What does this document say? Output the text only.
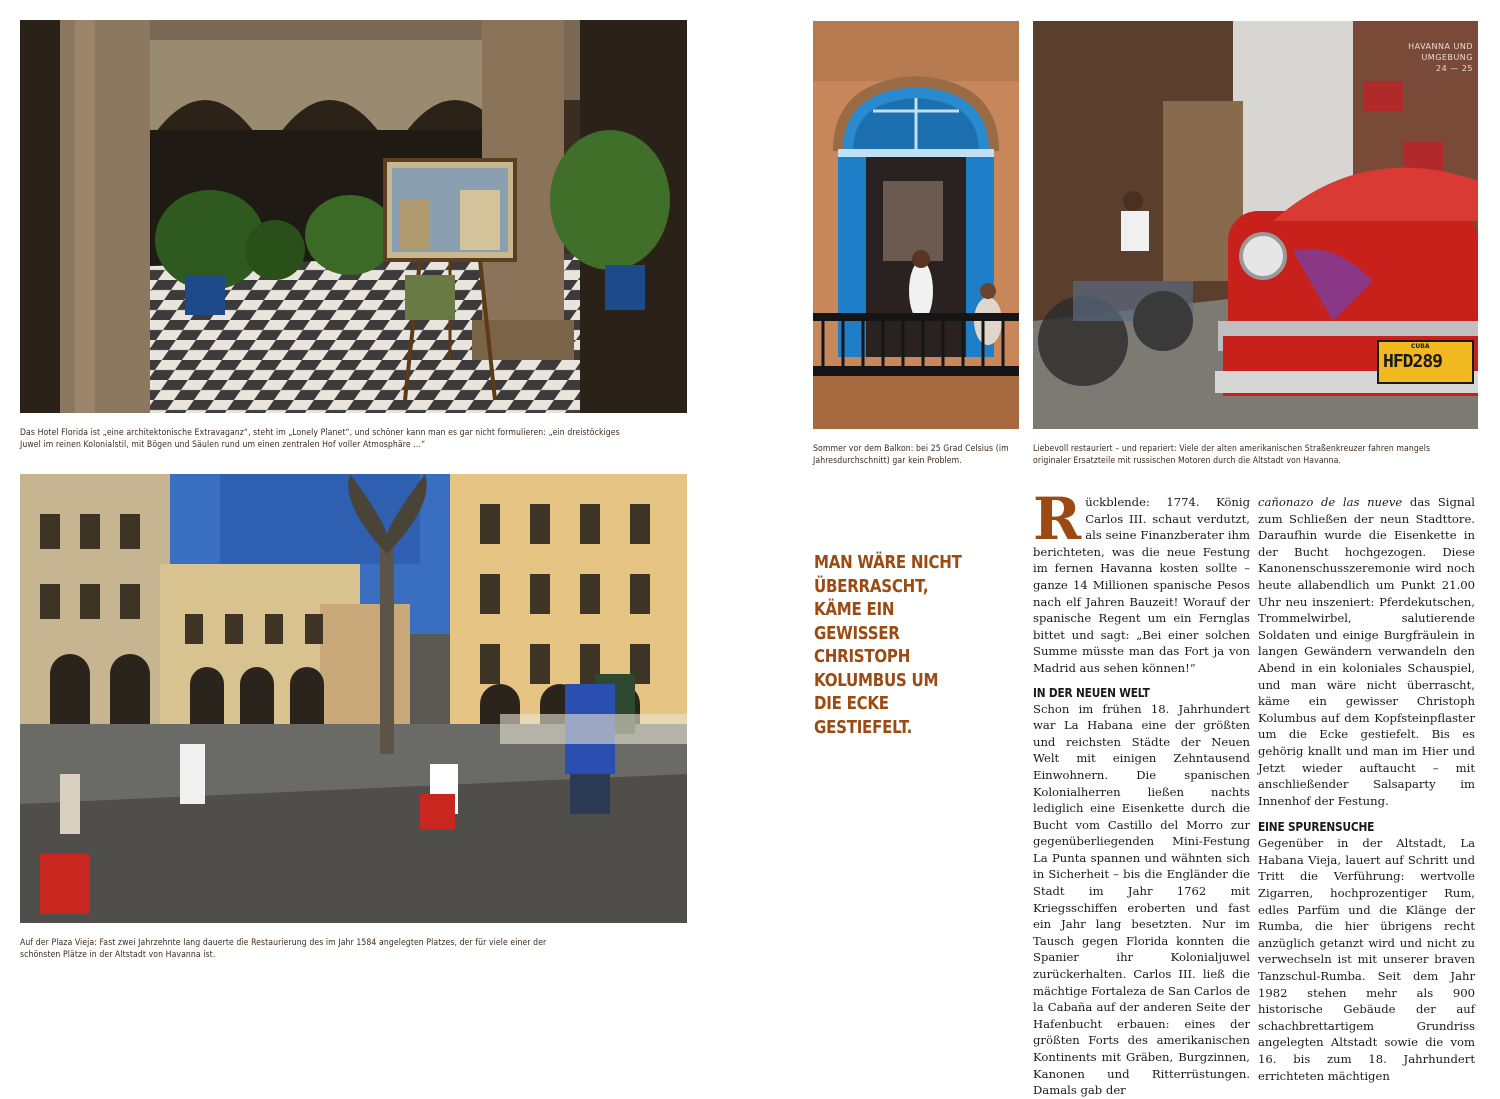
Das Hotel Florida ist „eine architektonische Extravaganz“, steht im „Lonely Planet“, und schöner kann man es gar nicht formulieren: „ein dreistöckiges Juwel im reinen Kolonialstil, mit Bögen und Säulen rund um einen zentralen Hof voller Atmosphäre …“
Auf der Plaza Vieja: Fast zwei Jahrzehnte lang dauerte die Restaurierung des im Jahr 1584 angelegten Platzes, der für viele einer der schönsten Plätze in der Altstadt von Havanna ist.
Sommer vor dem Balkon: bei 25 Grad Celsius (im Jahresdurchschnitt) gar kein Problem.
CUBA
HFD289
HAVANNA UND UMGEBUNG
24 — 25
Liebevoll restauriert – und repariert: Viele der alten amerikanischen Straßenkreuzer fahren mangels originaler Ersatzteile mit russischen Motoren durch die Altstadt von Havanna.
MAN WÄRE NICHT ÜBERRASCHT, KÄME EIN GEWISSER CHRISTOPH KOLUMBUS UM DIE ECKE GESTIEFELT.

Rückblende: 1774. König Carlos III. schaut verdutzt, als seine Finanzberater ihm berichteten, was die neue Festung im fernen Havanna kosten sollte – ganze 14 Millionen spanische Pesos nach elf Jahren Bauzeit! Worauf der spanische Regent um ein Fernglas bittet und sagt: „Bei einer solchen Summe müsste man das Fort ja von Madrid aus sehen können!“

IN DER NEUEN WELT

Schon im frühen 18. Jahrhundert war La Habana eine der größten und reichsten Städte der Neuen Welt mit einigen Zehntausend Einwohnern. Die spanischen Kolonialherren ließen nachts lediglich eine Eisenkette durch die Bucht vom Castillo del Morro zur gegenüberliegenden Mini-Festung La Punta spannen und wähnten sich in Sicherheit – bis die Engländer die Stadt im Jahr 1762 mit Kriegsschiffen eroberten und fast ein Jahr lang besetzten. Nur im Tausch gegen Florida konnten die Spanier ihr Kolonialjuwel zurückerhalten. Carlos III. ließ die mächtige Fortaleza de San Carlos de la Cabaña auf der anderen Seite der Hafenbucht erbauen: eines der größten Forts des amerikanischen Kontinents mit Gräben, Burgzinnen, Kanonen und Ritterrüstungen. Damals gab der

cañonazo de las nueve das Signal zum Schließen der neun Stadttore. Daraufhin wurde die Eisenkette in der Bucht hochgezogen. Diese Kanonenschusszeremonie wird noch heute allabendlich um Punkt 21.00 Uhr neu inszeniert: Pferdekutschen, Trommelwirbel, salutierende Soldaten und einige Burgfräulein in langen Gewändern verwandeln den Abend in ein koloniales Schauspiel, und man wäre nicht überrascht, käme ein gewisser Christoph Kolumbus auf dem Kopfsteinpflaster um die Ecke gestiefelt. Bis es gehörig knallt und man im Hier und Jetzt wieder auftaucht – mit anschließender Salsaparty im Innenhof der Festung.

EINE SPURENSUCHE

Gegenüber in der Altstadt, La Habana Vieja, lauert auf Schritt und Tritt die Verführung: wertvolle Zigarren, hochprozentiger Rum, edles Parfüm und die Klänge der Rumba, die hier übrigens recht anzüglich getanzt wird und nicht zu verwechseln ist mit unserer braven Tanzschul-Rumba. Seit dem Jahr 1982 stehen mehr als 900 historische Gebäude der auf schachbrettartigem Grundriss angelegten Altstadt sowie die vom 16. bis zum 18. Jahrhundert errichteten mächtigen
